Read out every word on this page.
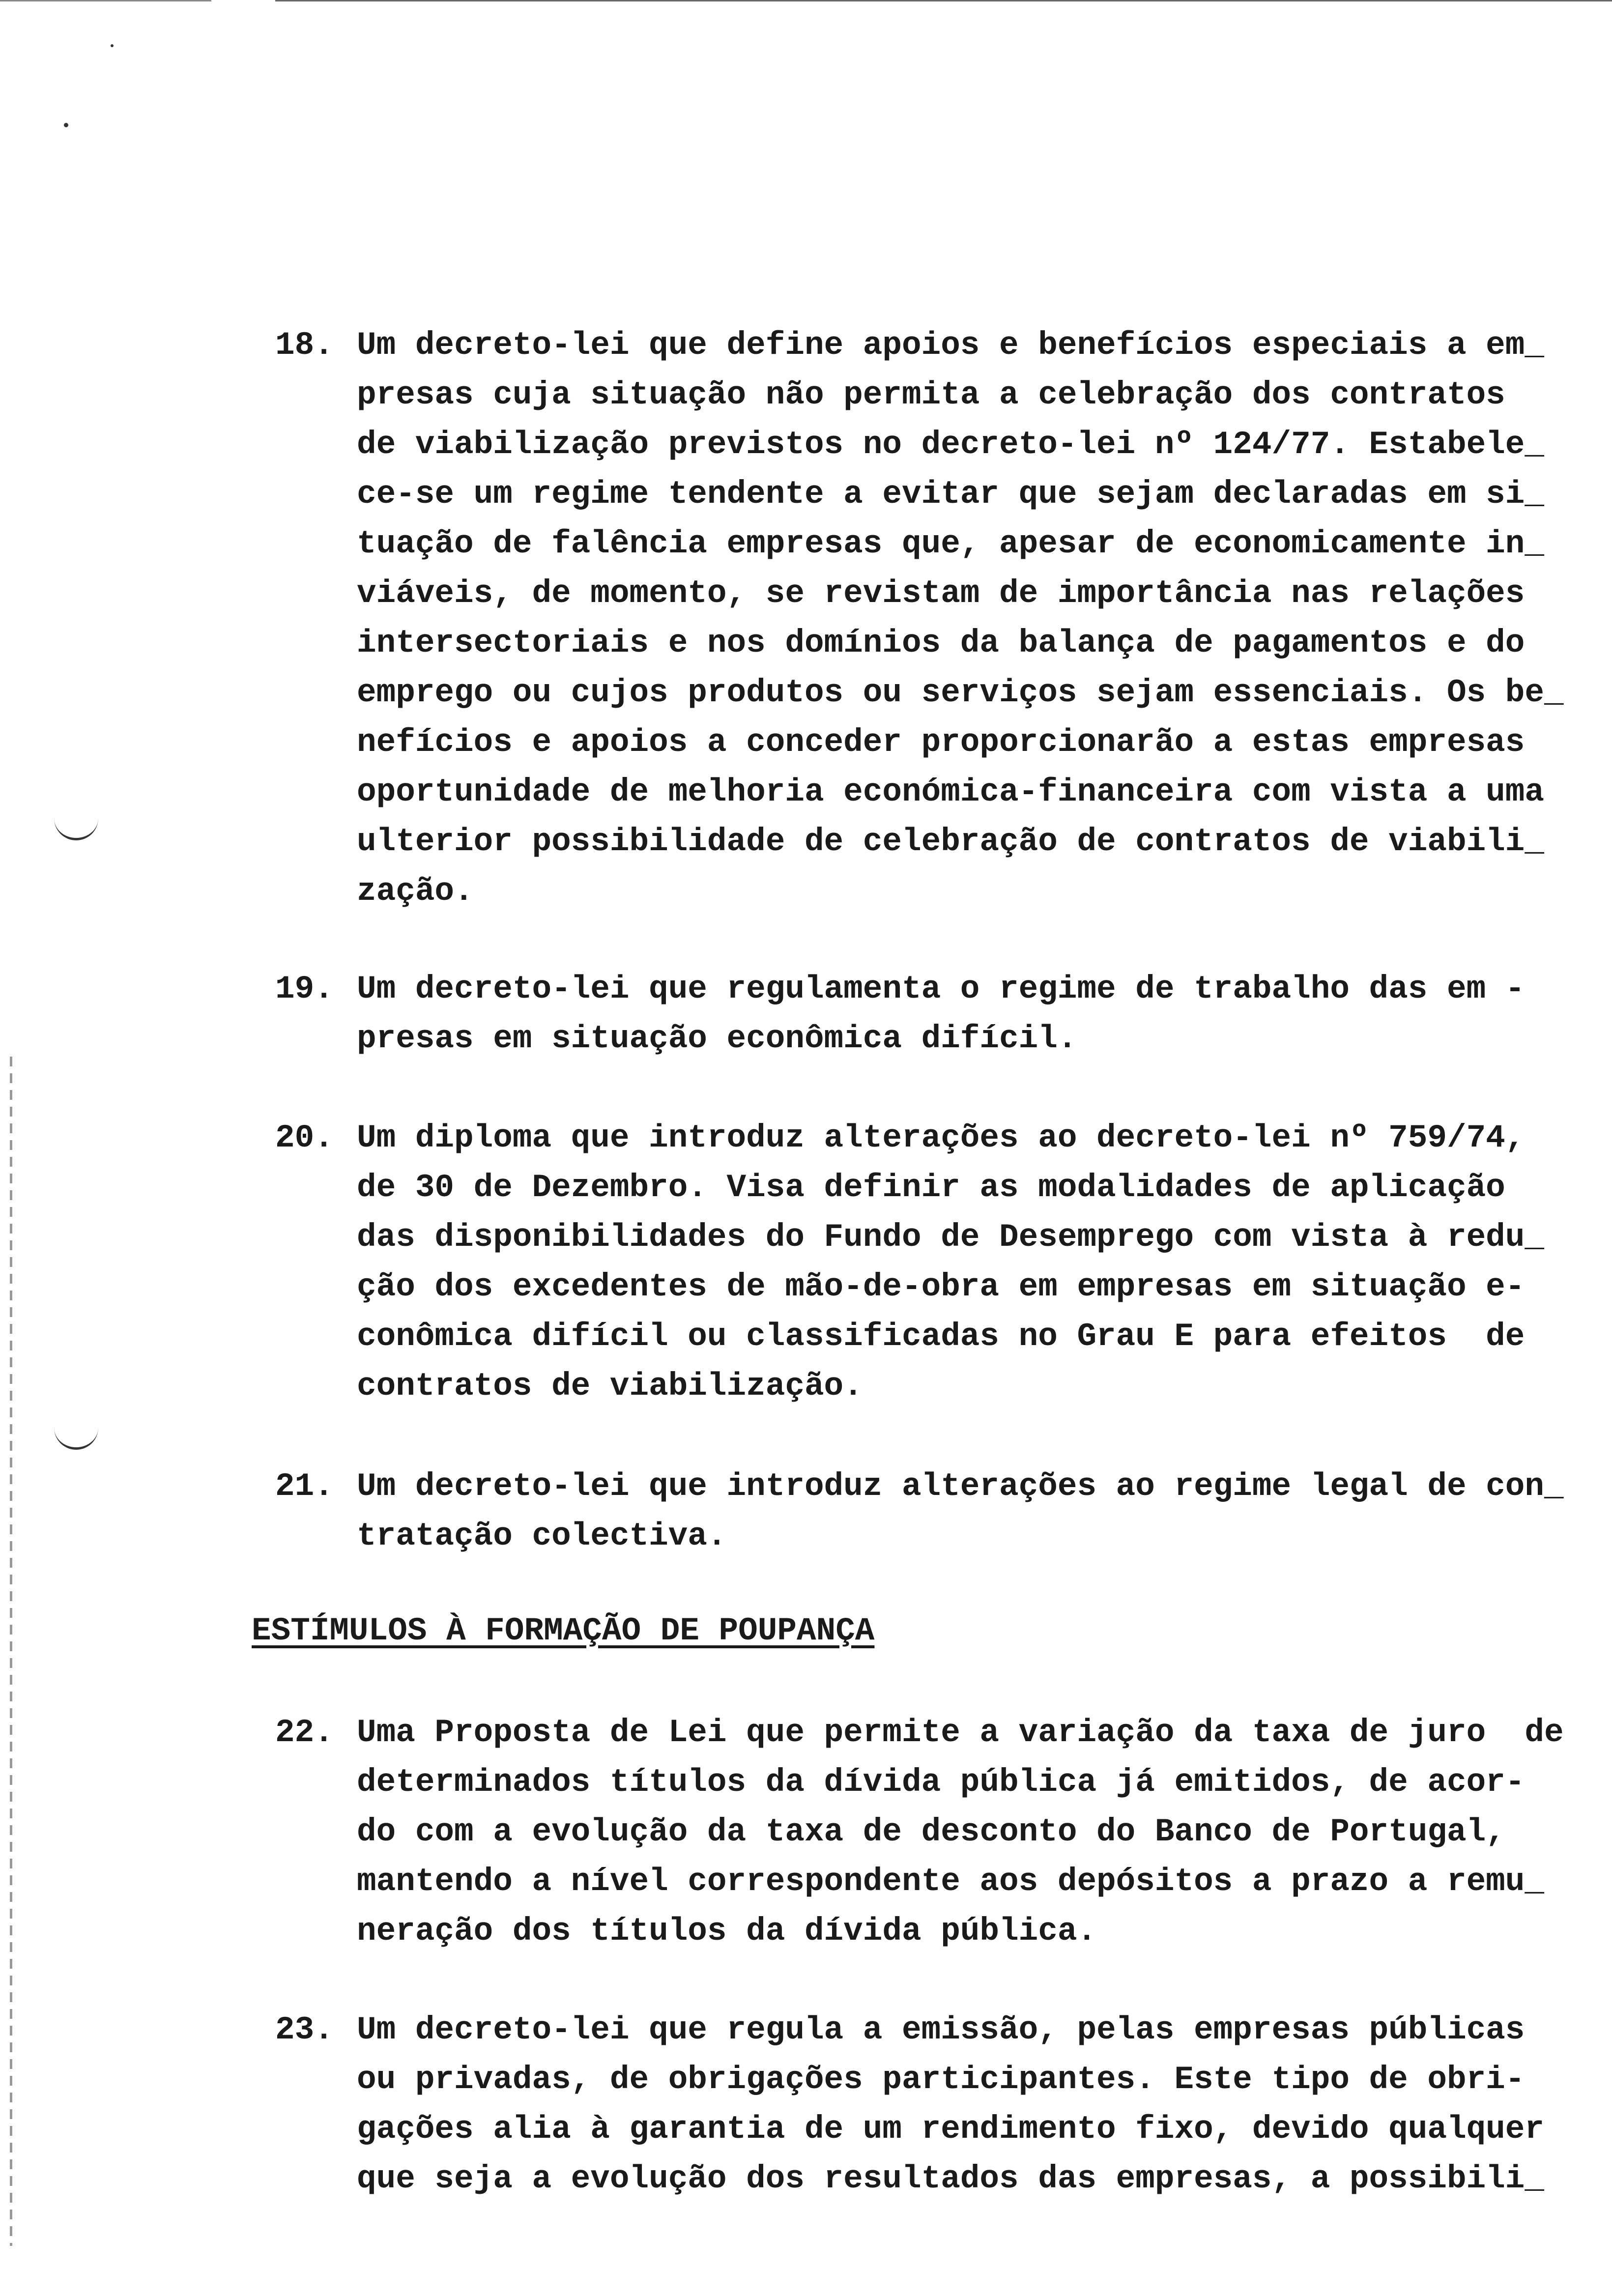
18. Um decreto-lei que define apoios e benefícios especiais a em_
presas cuja situação não permita a celebração dos contratos
de viabilização previstos no decreto-lei nº 124/77. Estabele_
ce-se um regime tendente a evitar que sejam declaradas em si_
tuação de falência empresas que, apesar de economicamente in_
viáveis, de momento, se revistam de importância nas relações
intersectoriais e nos domínios da balança de pagamentos e do
emprego ou cujos produtos ou serviços sejam essenciais. Os be_
nefícios e apoios a conceder proporcionarão a estas empresas
oportunidade de melhoria económica-financeira com vista a uma
ulterior possibilidade de celebração de contratos de viabili_
zação.
19. Um decreto-lei que regulamenta o regime de trabalho das em -
presas em situação econômica difícil.
20. Um diploma que introduz alterações ao decreto-lei nº 759/74,
de 30 de Dezembro. Visa definir as modalidades de aplicação
das disponibilidades do Fundo de Desemprego com vista à redu_
ção dos excedentes de mão-de-obra em empresas em situação e-
conômica difícil ou classificadas no Grau E para efeitos  de
contratos de viabilização.
21. Um decreto-lei que introduz alterações ao regime legal de con_
tratação colectiva.
ESTÍMULOS À FORMAÇÃO DE POUPANÇA
22. Uma Proposta de Lei que permite a variação da taxa de juro  de
determinados títulos da dívida pública já emitidos, de acor-
do com a evolução da taxa de desconto do Banco de Portugal,
mantendo a nível correspondente aos depósitos a prazo a remu_
neração dos títulos da dívida pública.
23. Um decreto-lei que regula a emissão, pelas empresas públicas
ou privadas, de obrigações participantes. Este tipo de obri-
gações alia à garantia de um rendimento fixo, devido qualquer
que seja a evolução dos resultados das empresas, a possibili_
